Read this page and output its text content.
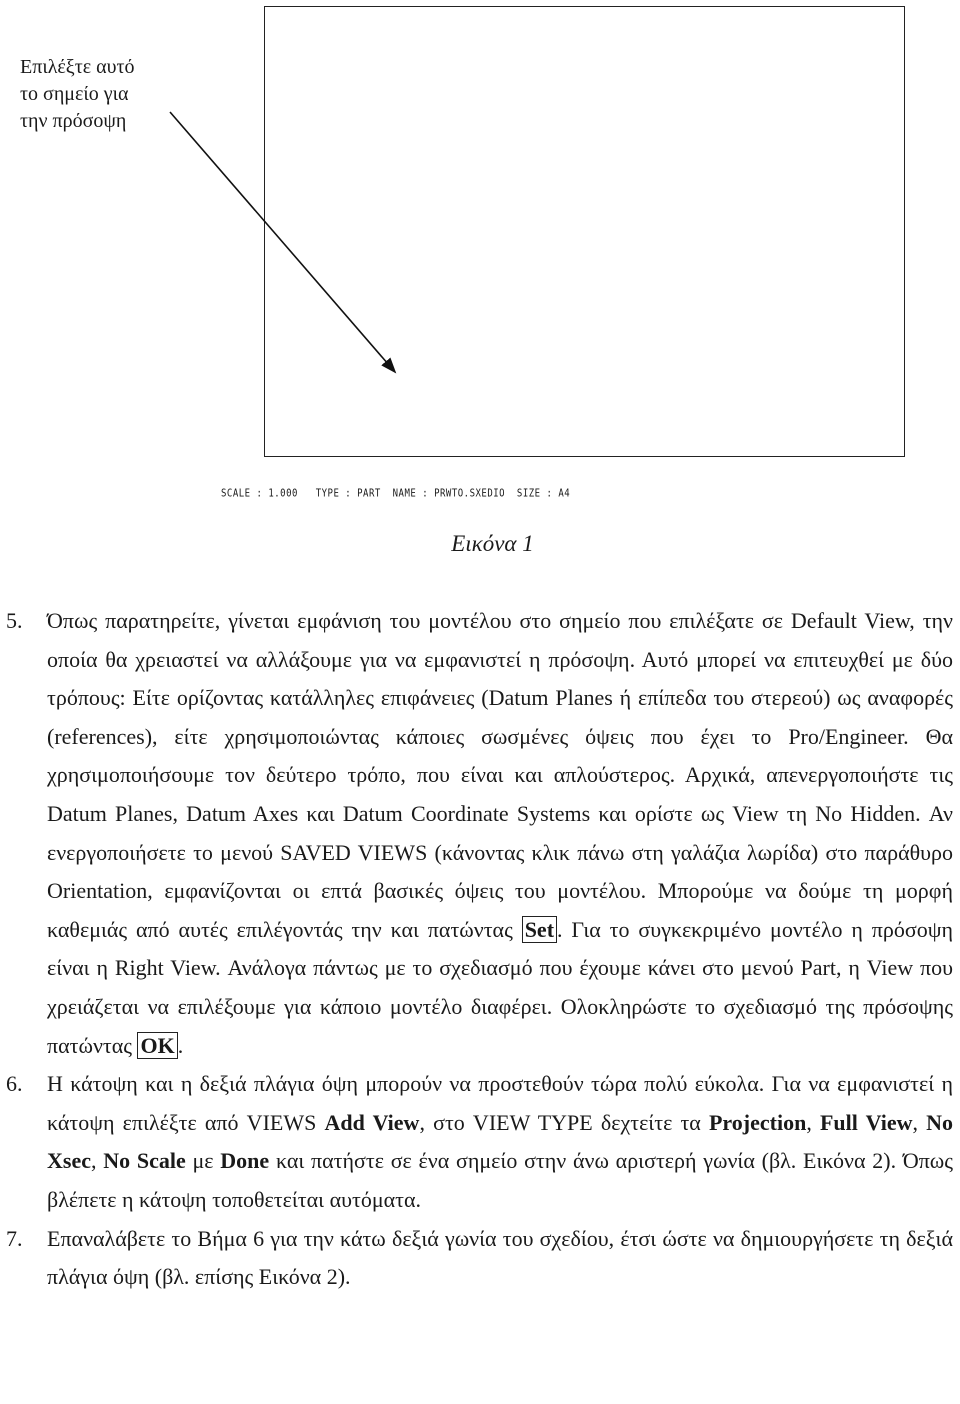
Επιλέξτε αυτό
το σημείο για
την πρόσοψη
SCALE : 1.000   TYPE : PART  NAME : PRWTO.SXEDIO  SIZE : A4
Εικόνα 1
5. Όπως παρατηρείτε, γίνεται εμφάνιση του μοντέλου στο σημείο που επιλέξατε σε Default View, την οποία θα χρειαστεί να αλλάξουμε για να εμφανιστεί η πρόσοψη. Αυτό μπορεί να επιτευχθεί με δύο τρόπους: Είτε ορίζοντας κατάλληλες επιφάνειες (Datum Planes ή επίπεδα του στερεού) ως αναφορές (references), είτε χρησιμοποιώντας κάποιες σωσμένες όψεις που έχει το Pro/Engineer. Θα χρησιμοποιήσουμε τον δεύτερο τρόπο, που είναι και απλούστερος. Αρχικά, απενεργοποιήστε τις Datum Planes, Datum Axes και Datum Coordinate Systems και ορίστε ως View τη No Hidden. Αν ενεργοποιήσετε το μενού SAVED VIEWS (κάνοντας κλικ πάνω στη γαλάζια λωρίδα) στο παράθυρο Orientation, εμφανίζονται οι επτά βασικές όψεις του μοντέλου. Μπορούμε να δούμε τη μορφή καθεμιάς από αυτές επιλέγοντάς την και πατώντας Set . Για το συγκεκριμένο μοντέλο η πρόσοψη είναι η Right View. Ανάλογα πάντως με το σχεδιασμό που έχουμε κάνει στο μενού Part, η View που χρειάζεται να επιλέξουμε για κάποιο μοντέλο διαφέρει. Ολοκληρώστε το σχεδιασμό της πρόσοψης πατώντας OK .
6. Η κάτοψη και η δεξιά πλάγια όψη μπορούν να προστεθούν τώρα πολύ εύκολα. Για να εμφανιστεί η κάτοψη επιλέξτε από VIEWS Add View, στο VIEW TYPE δεχτείτε τα Projection, Full View, No Xsec, No Scale με Done και πατήστε σε ένα σημείο στην άνω αριστερή γωνία (βλ. Εικόνα 2). Όπως βλέπετε η κάτοψη τοποθετείται αυτόματα.
7. Επαναλάβετε το Βήμα 6 για την κάτω δεξιά γωνία του σχεδίου, έτσι ώστε να δημιουργήσετε τη δεξιά πλάγια όψη (βλ. επίσης Εικόνα 2).
